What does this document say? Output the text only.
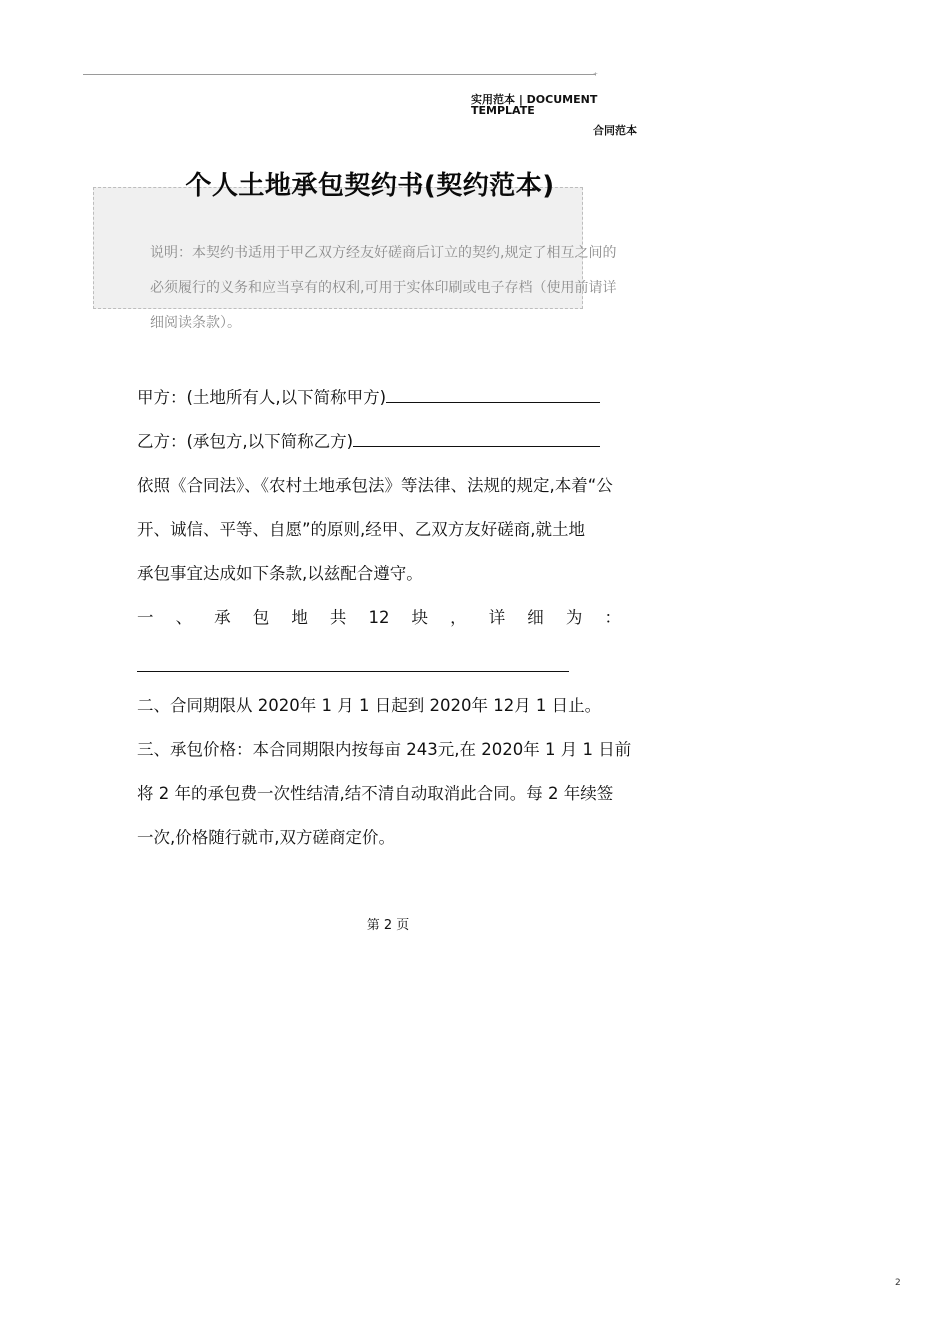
+
实用范本 | DOCUMENT TEMPLATE
合同范本
个人土地承包契约书(契约范本)
说明：本契约书适用于甲乙双方经友好磋商后订立的契约,规定了相互之间的必须履行的义务和应当享有的权利,可用于实体印刷或电子存档（使用前请详细阅读条款）。

甲方：(土地所有人,以下简称甲方)

乙方：(承包方,以下简称乙方)

依照《合同法》、《农村土地承包法》等法律、法规的规定,本着“公

开、诚信、平等、自愿”的原则,经甲、乙双方友好磋商,就土地

承包事宜达成如下条款,以兹配合遵守。

一 、 承 包 地 共 12 块 ， 详 细 为 ：

二、合同期限从 2020年 1 月 1 日起到 2020年 12月 1 日止。

三、承包价格：本合同期限内按每亩 243元,在 2020年 1 月 1 日前

将 2 年的承包费一次性结清,结不清自动取消此合同。每 2 年续签

一次,价格随行就市,双方磋商定价。

第 2 页
2
